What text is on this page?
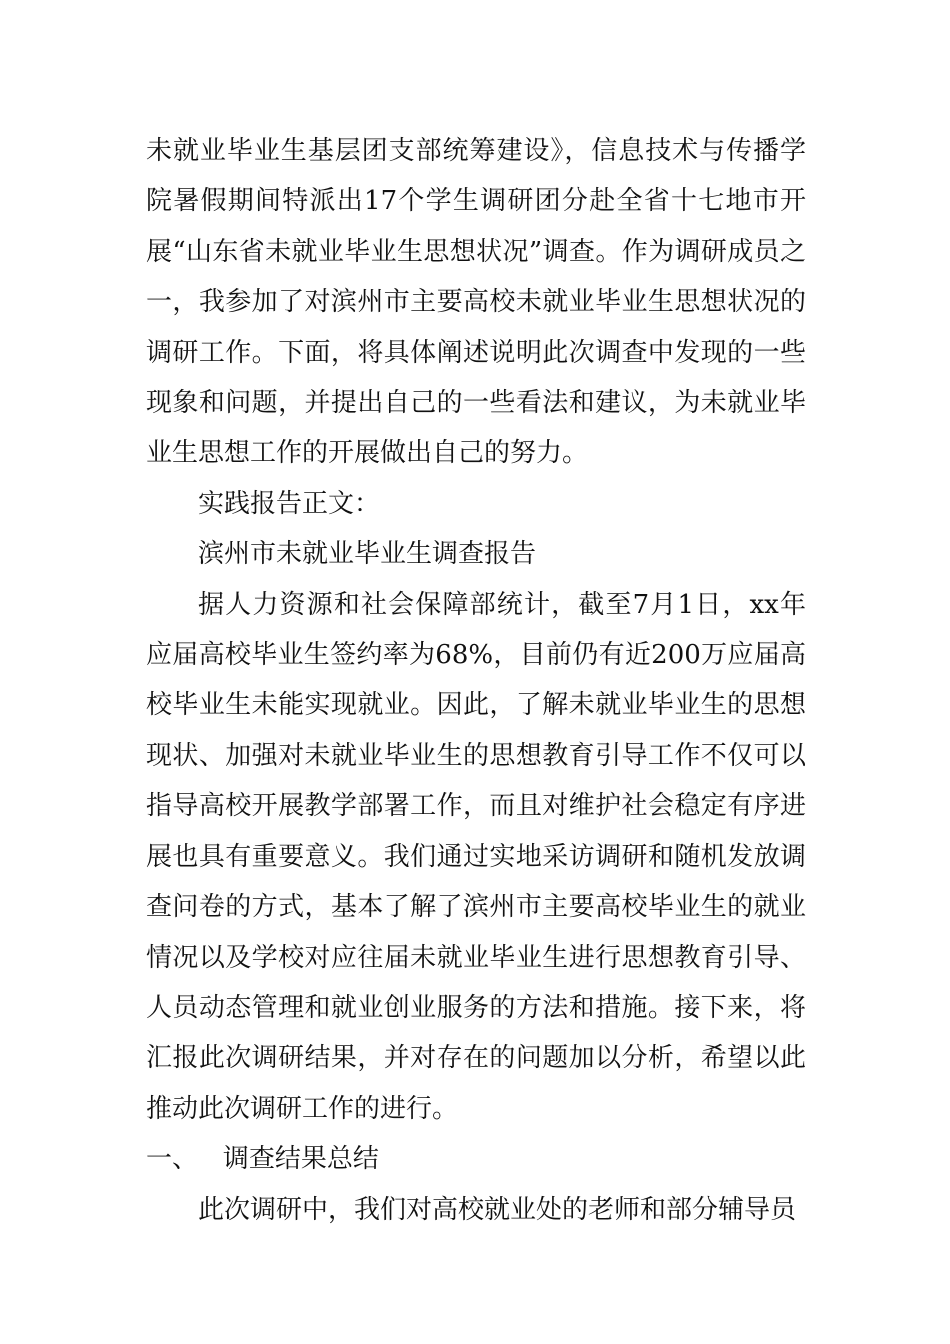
未就业毕业生基层团支部统筹建设》，信息技术与传播学院暑假期间特派出17个学生调研团分赴全省十七地市开展“山东省未就业毕业生思想状况”调查。作为调研成员之一，我参加了对滨州市主要高校未就业毕业生思想状况的调研工作。下面，将具体阐述说明此次调查中发现的一些现象和问题，并提出自己的一些看法和建议，为未就业毕业生思想工作的开展做出自己的努力。

实践报告正文：

滨州市未就业毕业生调查报告

据人力资源和社会保障部统计，截至7月1日，xx年应届高校毕业生签约率为68%，目前仍有近200万应届高校毕业生未能实现就业。因此，了解未就业毕业生的思想现状、加强对未就业毕业生的思想教育引导工作不仅可以指导高校开展教学部署工作，而且对维护社会稳定有序进展也具有重要意义。我们通过实地采访调研和随机发放调查问卷的方式，基本了解了滨州市主要高校毕业生的就业情况以及学校对应往届未就业毕业生进行思想教育引导、人员动态管理和就业创业服务的方法和措施。接下来，将汇报此次调研结果，并对存在的问题加以分析，希望以此推动此次调研工作的进行。

一、 调查结果总结

此次调研中，我们对高校就业处的老师和部分辅导员
